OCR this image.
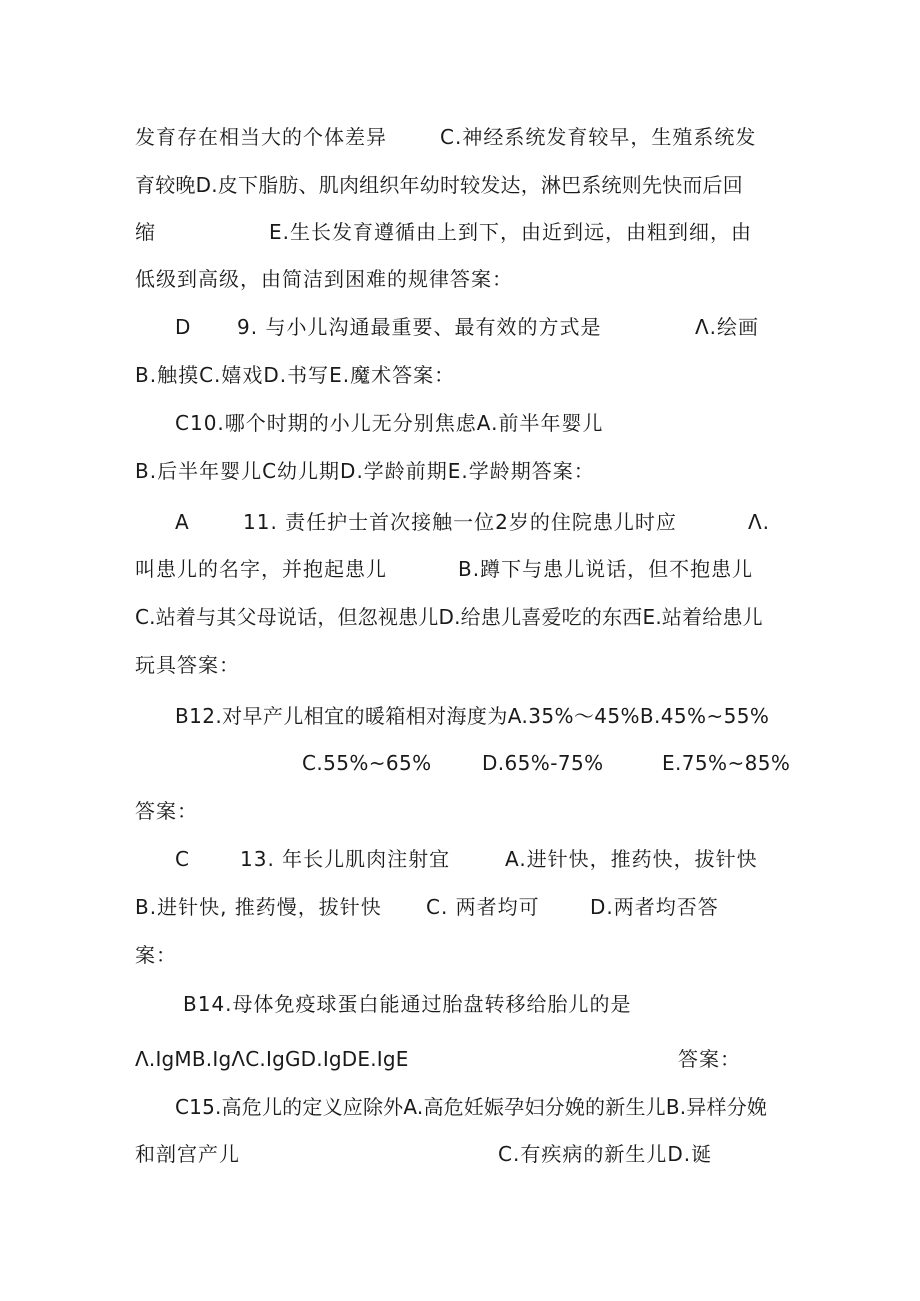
发育存在相当大的个体差异	C.神经系统发育较早，生殖系统发
育较晚D.皮下脂肪、肌肉组织年幼时较发达，淋巴系统则先快而后回
缩	E.生长发育遵循由上到下，由近到远，由粗到细，由
低级到高级，由简洁到困难的规律答案：
D 9. 与小儿沟通最重要、最有效的方式是	Λ.绘画
B.触摸C.嬉戏D.书写E.魔术答案：
C10.哪个时期的小儿无分别焦虑A.前半年婴儿
B.后半年婴儿C幼儿期D.学龄前期E.学龄期答案：
A	11. 责任护士首次接触一位2岁的住院患儿时应	Λ.
叫患儿的名字，并抱起患儿	B.蹲下与患儿说话，但不抱患儿
C.站着与其父母说话，但忽视患儿D.给患儿喜爱吃的东西E.站着给患儿
玩具答案：
B12.对早产儿相宜的暖箱相对海度为A.35%〜45%B.45%~55%
C.55%~65%	D.65%-75%	E.75%~85%
答案：
C	13. 年长儿肌肉注射宜	A.进针快，推药快，拔针快
B.进针快, 推药慢，拔针快 C. 两者均可	D.两者均否答
案：
B14.母体免疫球蛋白能通过胎盘转移给胎儿的是
Λ.IgMB.IgΛC.IgGD.IgDE.IgE	答案：
C15.高危儿的定义应除外A.高危妊娠孕妇分娩的新生儿B.异样分娩
和剖宫产儿	C.有疾病的新生儿D.诞
